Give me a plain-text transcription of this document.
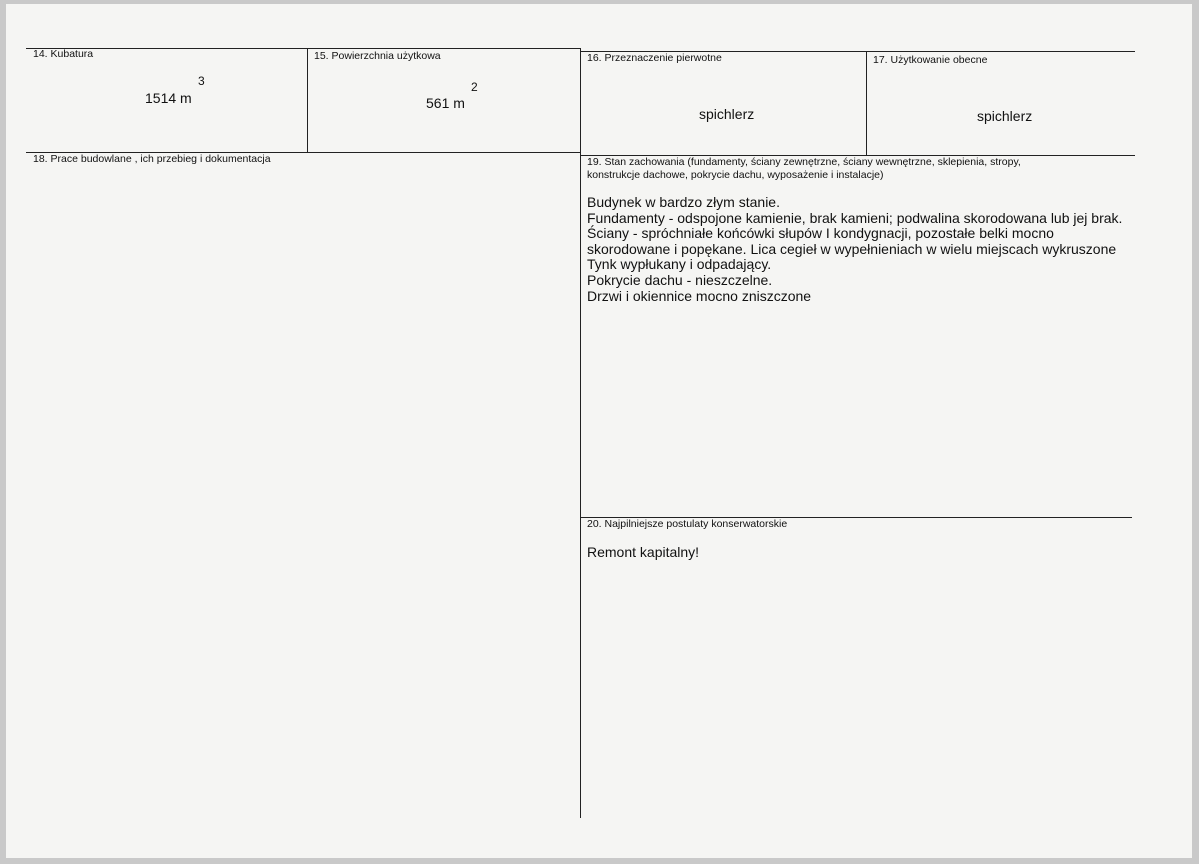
14. Kubatura
1514 m
3
15. Powierzchnia użytkowa
561 m
2
16. Przeznaczenie pierwotne
spichlerz
17. Użytkowanie obecne
spichlerz
18. Prace budowlane , ich przebieg i dokumentacja	19. Stan zachowania (fundamenty, ściany zewnętrzne, ściany wewnętrzne, sklepienia, stropy,
konstrukcje dachowe, pokrycie dachu, wyposażenie i instalacje)
Budynek w bardzo złym stanie.
Fundamenty - odspojone kamienie, brak kamieni; podwalina skorodowana lub jej brak.
Ściany - spróchniałe końcówki słupów I kondygnacji, pozostałe belki mocno
skorodowane i popękane. Lica cegieł w wypełnieniach w wielu miejscach wykruszone
Tynk wypłukany i odpadający.
Pokrycie dachu - nieszczelne.
Drzwi i okiennice mocno zniszczone
20. Najpilniejsze postulaty konserwatorskie
Remont kapitalny!
